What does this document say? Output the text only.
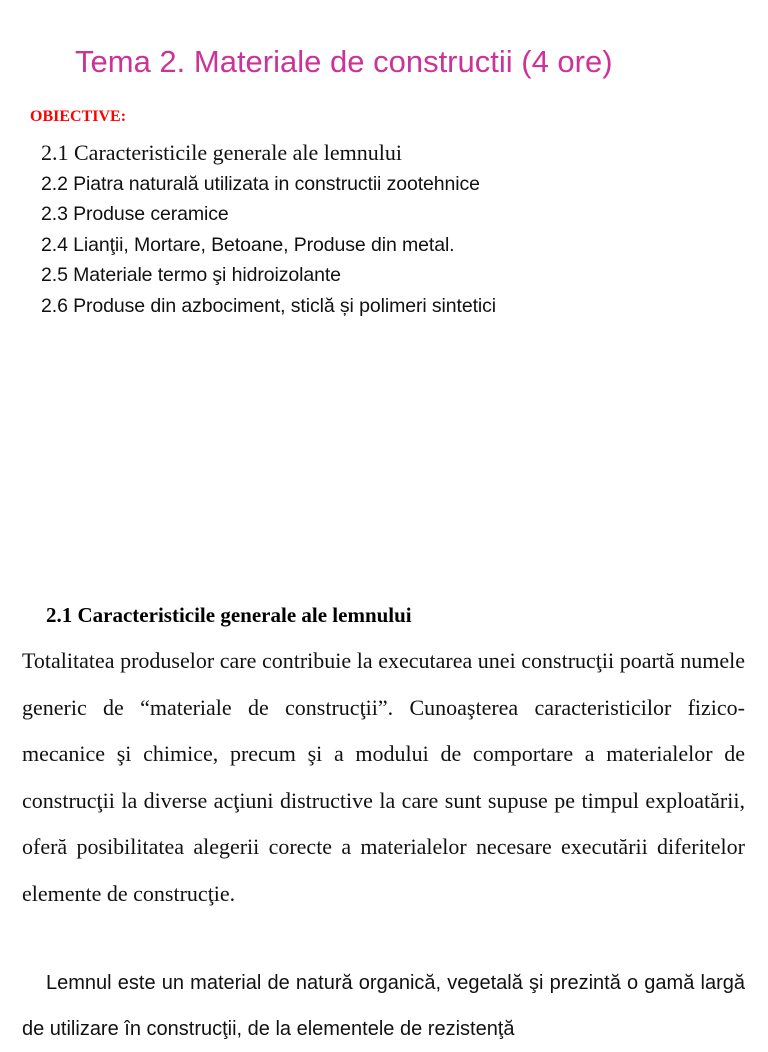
Tema 2. Materiale de constructii (4 ore)
OBIECTIVE:
2.1 Caracteristicile generale ale lemnului
2.2 Piatra naturală utilizata in constructii zootehnice
2.3 Produse ceramice
2.4 Lianţii, Mortare, Betoane, Produse din metal.
2.5 Materiale termo şi hidroizolante
2.6 Produse din azbociment, sticlă și polimeri sintetici
2.1 Caracteristicile generale ale lemnului

Totalitatea produselor care contribuie la executarea unei construcţii poartă numele generic de “materiale de construcţii”. Cunoaşterea caracteristicilor fizico-mecanice şi chimice, precum şi a modului de comportare a materialelor de construcţii la diverse acţiuni distructive la care sunt supuse pe timpul exploatării, oferă posibilitatea alegerii corecte a materialelor necesare executării diferitelor elemente de construcţie.

Lemnul este un material de natură organică, vegetală şi prezintă o gamă largă de utilizare în construcţii, de la elementele de rezistenţă
